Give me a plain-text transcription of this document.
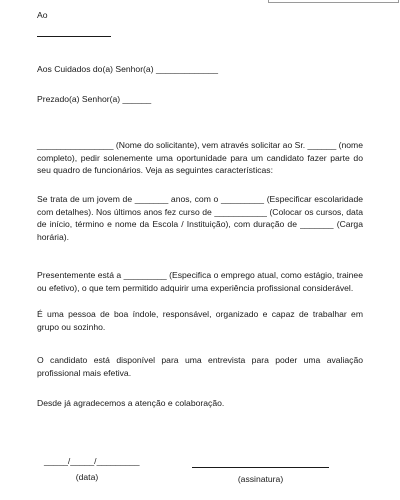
Ao
Aos Cuidados do(a) Senhor(a) _____________
Prezado(a) Senhor(a) ______
________________ (Nome do solicitante), vem através solicitar ao Sr. ______ (nome completo), pedir solenemente uma oportunidade para um candidato fazer parte do seu quadro de funcionários. Veja as seguintes características:
Se trata de um jovem de _______ anos, com o _________ (Especificar escolaridade com detalhes). Nos últimos anos fez curso de ___________ (Colocar os cursos, data de início, término e nome da Escola / Instituição), com duração de _______ (Carga horária).
Presentemente está a _________ (Especifica o emprego atual, como estágio, trainee ou efetivo), o que tem permitido adquirir uma experiência profissional considerável.
É uma pessoa de boa índole, responsável, organizado e capaz de trabalhar em grupo ou sozinho.
O candidato está disponível para uma entrevista para poder uma avaliação profissional mais efetiva.
Desde já agradecemos a atenção e colaboração.
_____/_____/_________
(data)	(assinatura)
